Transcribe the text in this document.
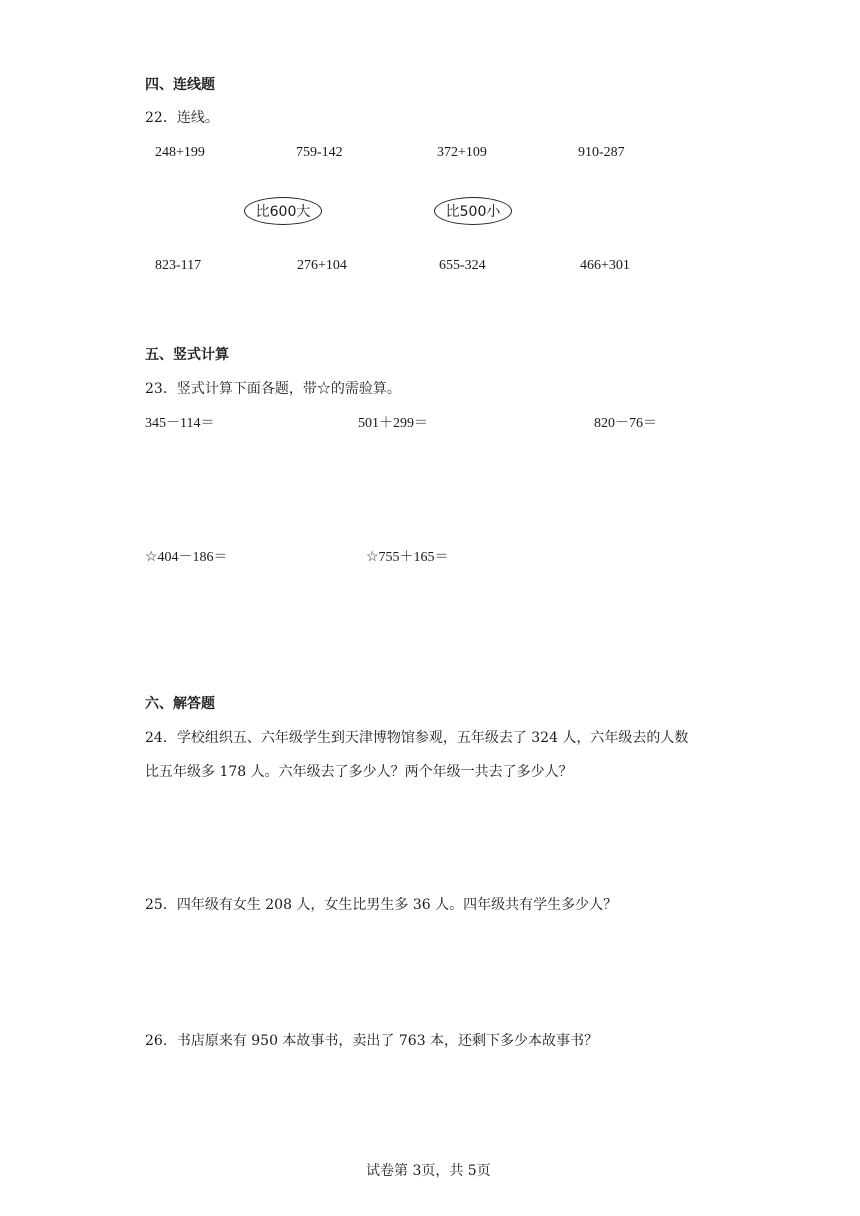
四、连线题
22．连线。
248+199	759-142	372+109	910-287
比600大	比500小
823-117	276+104	655-324	466+301
五、竖式计算
23．竖式计算下面各题，带☆的需验算。
345－114＝	501＋299＝	820－76＝
☆404－186＝	☆755＋165＝
六、解答题
24．学校组织五、六年级学生到天津博物馆参观，五年级去了 324 人，六年级去的人数
比五年级多 178 人。六年级去了多少人？两个年级一共去了多少人？
25．四年级有女生 208 人，女生比男生多 36 人。四年级共有学生多少人？
26．书店原来有 950 本故事书，卖出了 763 本，还剩下多少本故事书？
试卷第 3页，共 5页
